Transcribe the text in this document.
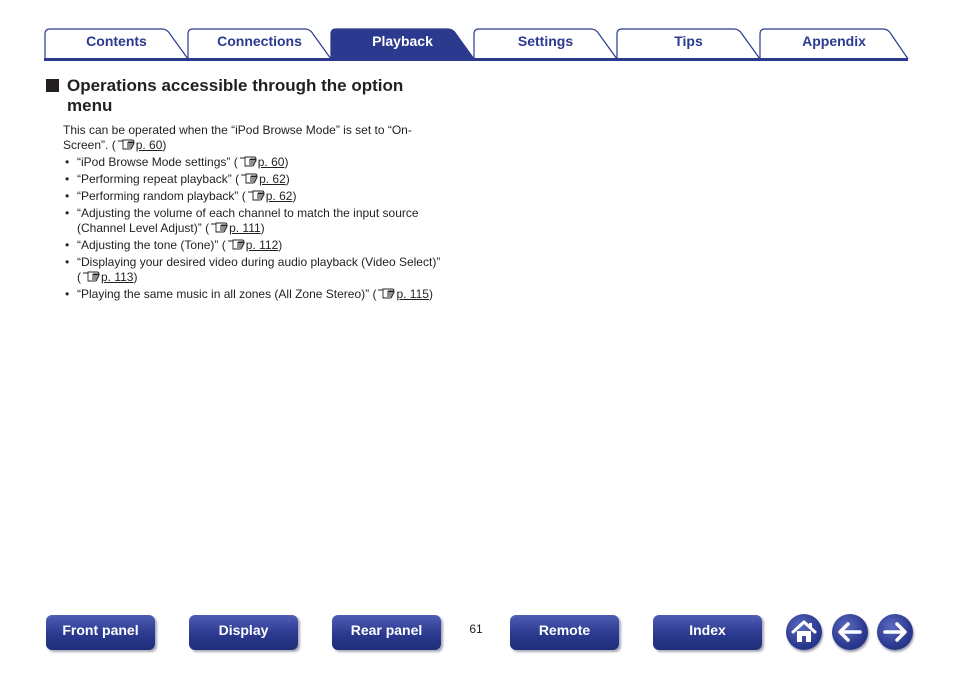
Contents	Connections	Playback	Settings	Tips	Appendix
Operations accessible through the option menu
This can be operated when the “iPod Browse Mode” is set to “On-Screen”. ( p. 60)
• “iPod Browse Mode settings” ( p. 60)
• “Performing repeat playback” ( p. 62)
• “Performing random playback” ( p. 62)
• “Adjusting the volume of each channel to match the input source (Channel Level Adjust)” ( p. 111)
• “Adjusting the tone (Tone)” ( p. 112)
• “Displaying your desired video during audio playback (Video Select)” ( p. 113)
• “Playing the same music in all zones (All Zone Stereo)” ( p. 115)
Front panel	Display	Rear panel	61	Remote	Index
